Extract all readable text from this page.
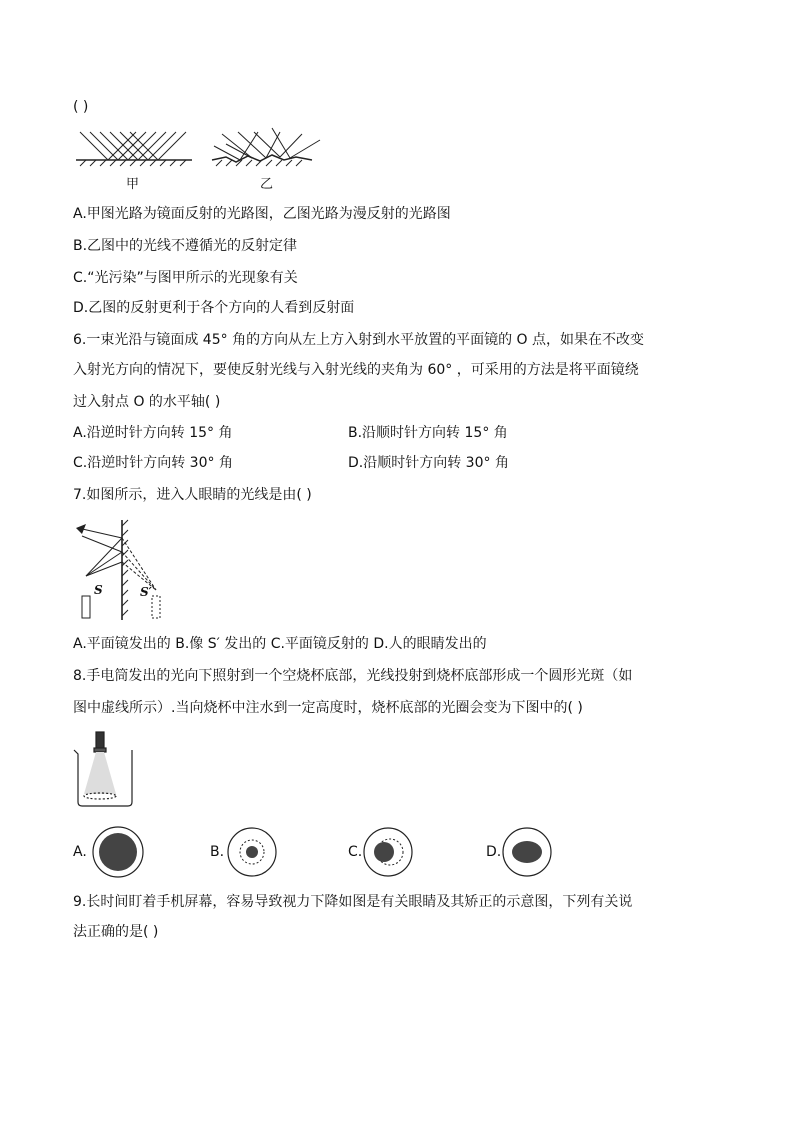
( )
甲	乙
A.甲图光路为镜面反射的光路图，乙图光路为漫反射的光路图
B.乙图中的光线不遵循光的反射定律
C.“光污染”与图甲所示的光现象有关
D.乙图的反射更利于各个方向的人看到反射面
6.一束光沿与镜面成 45° 角的方向从左上方入射到水平放置的平面镜的 O 点，如果在不改变
入射光方向的情况下，要使反射光线与入射光线的夹角为 60° ，可采用的方法是将平面镜绕
过入射点 O 的水平轴( )
A.沿逆时针方向转 15° 角	B.沿顺时针方向转 15° 角
C.沿逆时针方向转 30° 角	D.沿顺时针方向转 30° 角
7.如图所示，进入人眼睛的光线是由( )
S	S′
A.平面镜发出的 B.像 S′ 发出的 C.平面镜反射的 D.人的眼睛发出的
8.手电筒发出的光向下照射到一个空烧杯底部，光线投射到烧杯底部形成一个圆形光斑（如
图中虚线所示）.当向烧杯中注水到一定高度时，烧杯底部的光圈会变为下图中的( )
A.	B.	C.	D.
9.长时间盯着手机屏幕，容易导致视力下降如图是有关眼睛及其矫正的示意图，下列有关说
法正确的是( )
